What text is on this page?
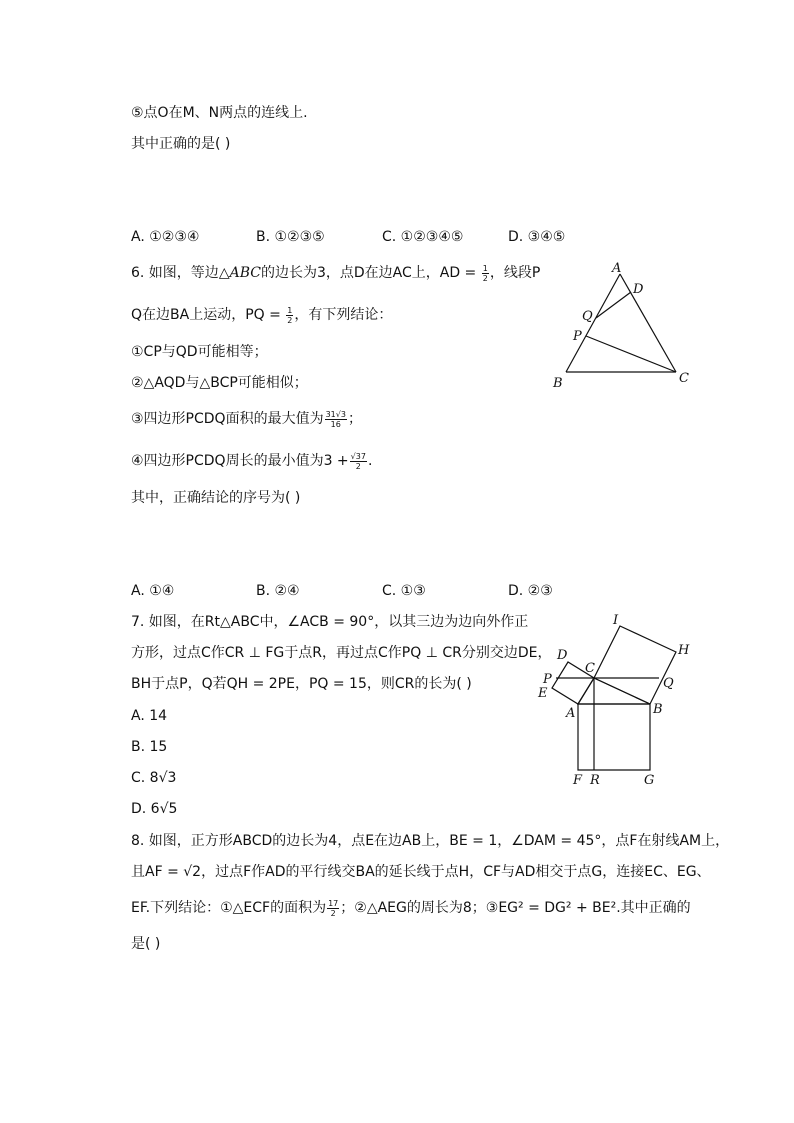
⑤点O在M、N两点的连线上.
其中正确的是( )
A. ①②③④	B. ①②③⑤	C. ①②③④⑤	D. ③④⑤
6. 如图，等边△ABC的边长为3，点D在边AC上，AD = $\frac{1}{2}$ ，线段P
Q在边BA上运动，PQ = $\frac{1}{2}$ ，有下列结论：
①CP与QD可能相等；
②△AQD与△BCP可能相似；
③四边形PCDQ面积的最大值为 $\frac{31√3}{16}$ ；
④四边形PCDQ周长的最小值为$3 + \frac{√37}{2}$ .
其中，正确结论的序号为( )
A. ①④	B. ②④	C. ①③	D. ②③
A
D
Q
P
B	C
7. 如图，在Rt△ABC中，∠ACB = 90°，以其三边为边向外作正
方形，过点C作CR ⊥ FG于点R，再过点C作PQ ⊥ CR分别交边DE，
BH于点P，Q若QH = 2PE，PQ = 15，则CR的长为( )
A. 14
B. 15
C. 8√3
D. 6√5
I
H
D
C
P	Q
E
A	B
F R	G
8. 如图，正方形ABCD的边长为4，点E在边AB上，BE = 1，∠DAM = 45°，点F在射线AM上，
且AF = √2，过点F作AD的平行线交BA的延长线于点H，CF与AD相交于点G，连接EC、EG、
EF.下列结论：①△ECF的面积为 $\frac{17}{2}$ ；②△AEG的周长为8；③EG² = DG² + BE².其中正确的
是( )
